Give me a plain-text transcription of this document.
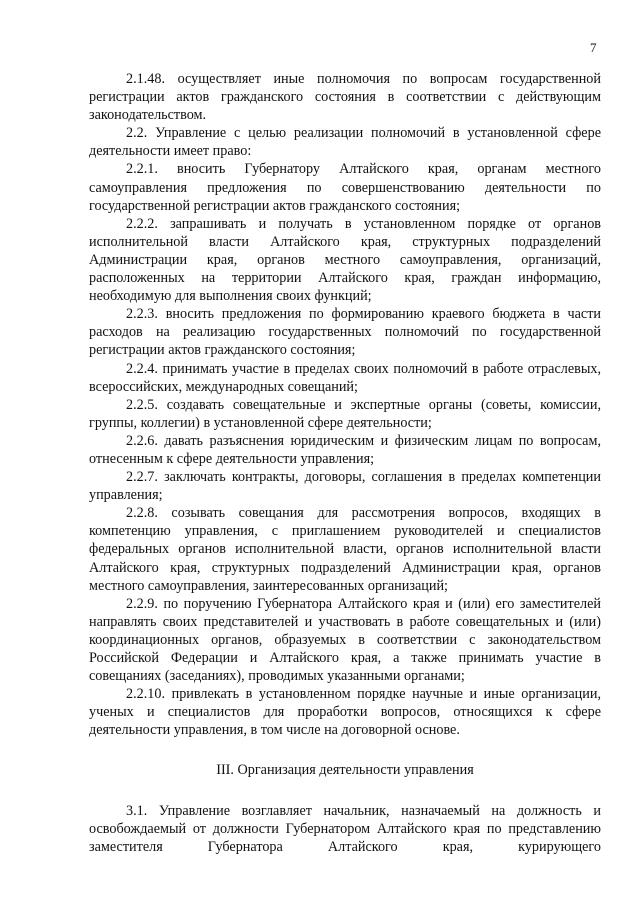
7

2.1.48. осуществляет иные полномочия по вопросам государственной регистрации актов гражданского состояния в соответствии с действующим законодательством.

2.2. Управление с целью реализации полномочий в установленной сфере деятельности имеет право:

2.2.1. вносить Губернатору Алтайского края, органам местного самоуправления предложения по совершенствованию деятельности по государственной регистрации актов гражданского состояния;

2.2.2. запрашивать и получать в установленном порядке от органов исполнительной власти Алтайского края, структурных подразделений Администрации края, органов местного самоуправления, организаций, расположенных на территории Алтайского края, граждан информацию, необходимую для выполнения своих функций;

2.2.3. вносить предложения по формированию краевого бюджета в части расходов на реализацию государственных полномочий по государственной регистрации актов гражданского состояния;

2.2.4. принимать участие в пределах своих полномочий в работе отраслевых, всероссийских, международных совещаний;

2.2.5. создавать совещательные и экспертные органы (советы, комиссии, группы, коллегии) в установленной сфере деятельности;

2.2.6. давать разъяснения юридическим и физическим лицам по вопросам, отнесенным к сфере деятельности управления;

2.2.7. заключать контракты, договоры, соглашения в пределах компетенции управления;

2.2.8. созывать совещания для рассмотрения вопросов, входящих в компетенцию управления, с приглашением руководителей и специалистов федеральных органов исполнительной власти, органов исполнительной власти Алтайского края, структурных подразделений Администрации края, органов местного самоуправления, заинтересованных организаций;

2.2.9. по поручению Губернатора Алтайского края и (или) его заместителей направлять своих представителей и участвовать в работе совещательных и (или) координационных органов, образуемых в соответствии с законодательством Российской Федерации и Алтайского края, а также принимать участие в совещаниях (заседаниях), проводимых указанными органами;

2.2.10. привлекать в установленном порядке научные и иные организации, ученых и специалистов для проработки вопросов, относящихся к сфере деятельности управления, в том числе на договорной основе.

III. Организация деятельности управления

3.1. Управление возглавляет начальник, назначаемый на должность и освобождаемый от должности Губернатором Алтайского края по представлению заместителя Губернатора Алтайского края, курирующего
